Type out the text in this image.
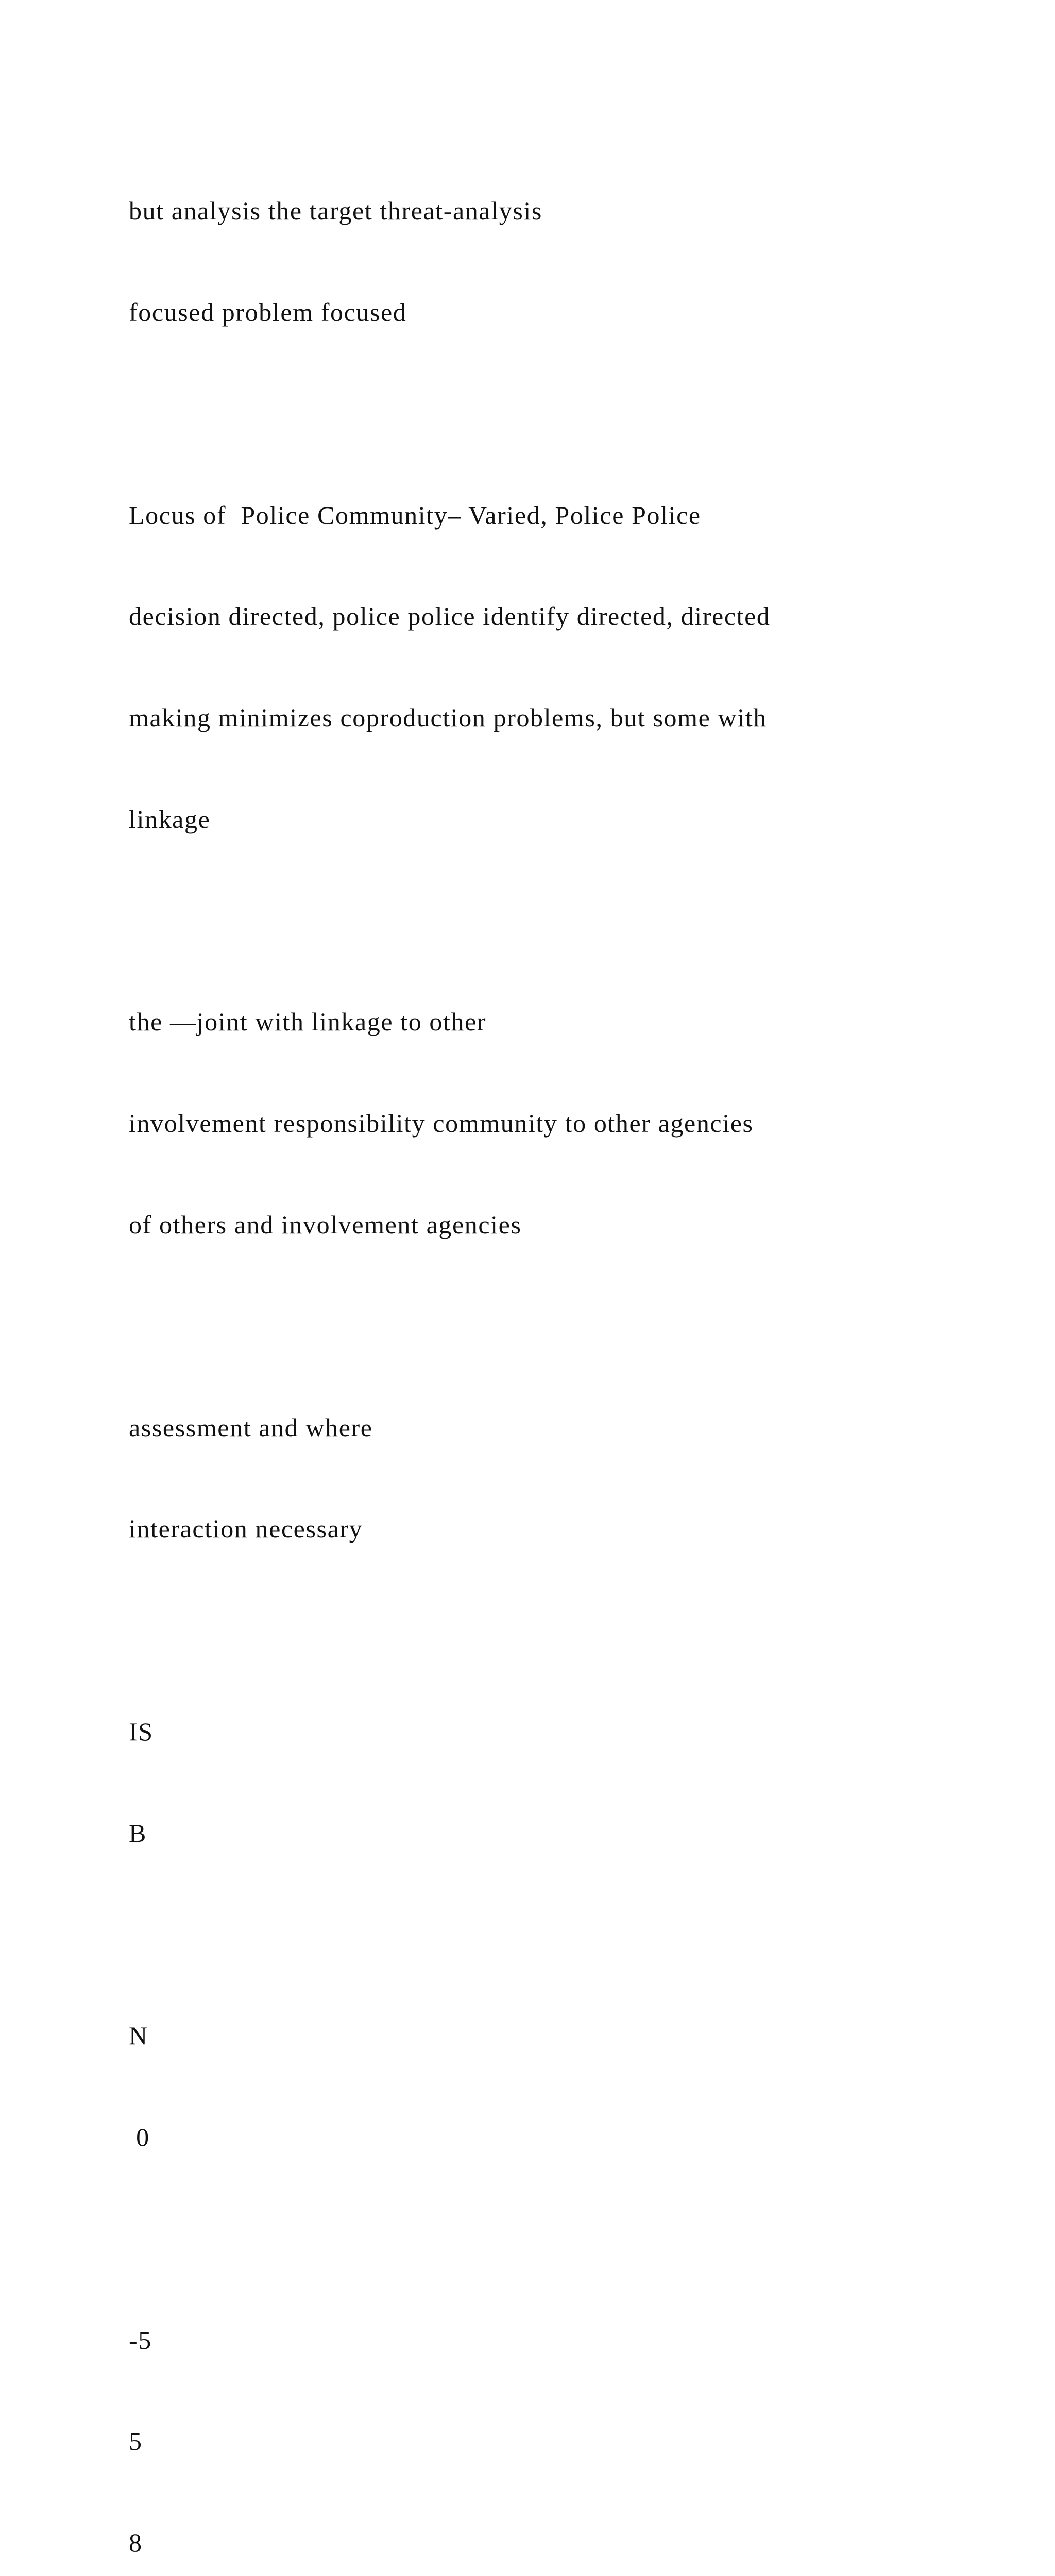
but analysis the target threat-analysis

focused problem focused

Locus of  Police Community– Varied, Police Police

decision directed, police police identify directed, directed

making minimizes coproduction problems, but some with

linkage

the —joint with linkage to other

involvement responsibility community to other agencies

of others and involvement agencies

assessment and where

interaction necessary

IS

B

N

0

-5

5

8
